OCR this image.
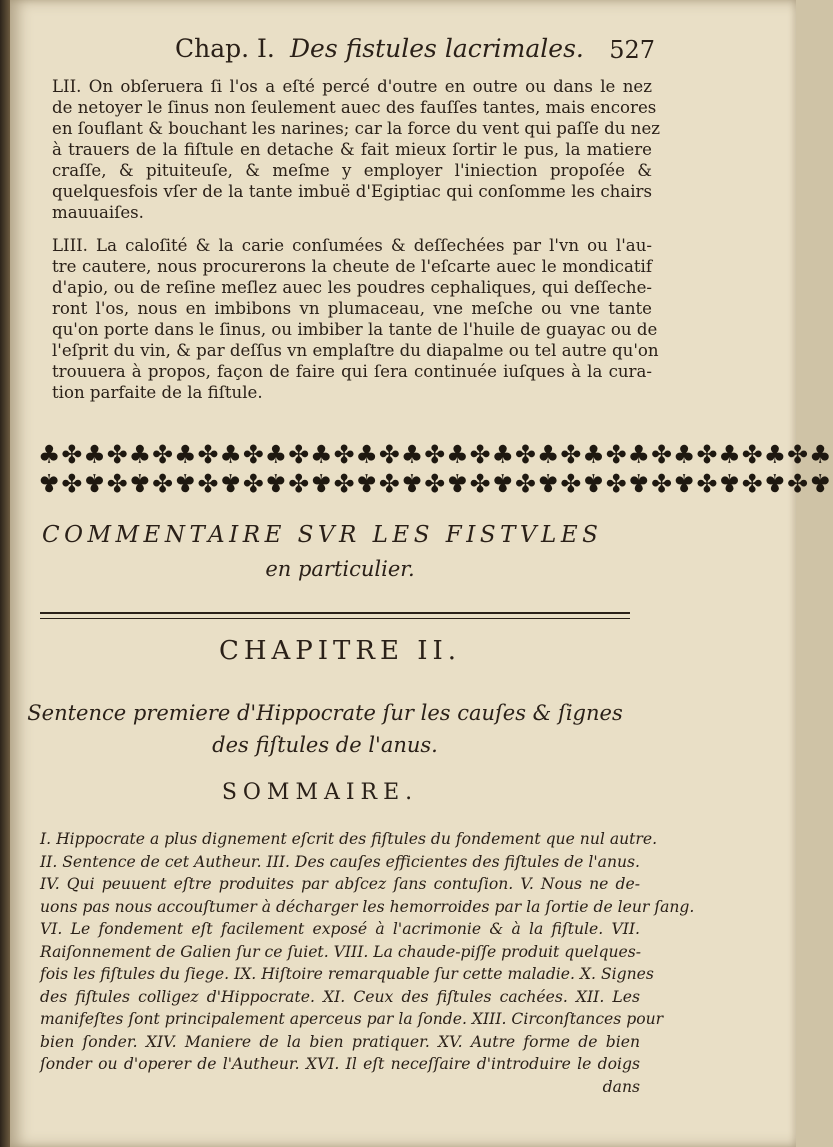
Chap. I. Des fistules lacrimales. 527
LII. On obſeruera ſi l'os a eſté percé d'outre en outre ou dans le nez
de netoyer le ſinus non ſeulement auec des fauſſes tantes, mais encores
en ſouflant & bouchant les narines; car la force du vent qui paſſe du nez
à trauers de la fiſtule en detache & fait mieux ſortir le pus, la matiere
craſſe, & pituiteuſe, & meſme y employer l'iniection propoſée &
quelquesfois vſer de la tante imbuë d'Egiptiac qui conſomme les chairs
mauuaiſes.
LIII. La caloſité & la carie conſumées & deſſechées par l'vn ou l'au-
tre cautere, nous procurerons la cheute de l'eſcarte auec le mondicatif
d'apio, ou de reſine meſlez auec les poudres cephaliques, qui deſſeche-
ront l'os, nous en imbibons vn plumaceau, vne meſche ou vne tante
qu'on porte dans le ſinus, ou imbiber la tante de l'huile de guayac ou de
l'eſprit du vin, & par deſſus vn emplaſtre du diapalme ou tel autre qu'on
trouuera à propos, façon de faire qui ſera continuée iuſques à la cura-
tion parfaite de la fiſtule.
♣✤♣✤♣✤♣✤♣✤♣✤♣✤♣✤♣✤♣✤♣✤♣✤♣✤♣✤♣✤♣✤♣✤♣
♣✤♣✤♣✤♣✤♣✤♣✤♣✤♣✤♣✤♣✤♣✤♣✤♣✤♣✤♣✤♣✤♣✤♣
COMMENTAIRE SVR LES FISTVLES
en particulier.
CHAPITRE II.
Sentence premiere d'Hippocrate ſur les cauſes & ſignes
des fiſtules de l'anus.
SOMMAIRE.
I. Hippocrate a plus dignement eſcrit des fiſtules du fondement que nul autre.
II. Sentence de cet Autheur. III. Des cauſes efficientes des fiſtules de l'anus.
IV. Qui peuuent eſtre produites par abſcez ſans contuſion. V. Nous ne de-
uons pas nous accouſtumer à décharger les hemorroides par la ſortie de leur ſang.
VI. Le fondement eſt facilement exposé à l'acrimonie & à la fiſtule. VII.
Raiſonnement de Galien ſur ce ſuiet. VIII. La chaude-piſſe produit quelques-
fois les fiſtules du ſiege. IX. Hiſtoire remarquable ſur cette maladie. X. Signes
des fiſtules colligez d'Hippocrate. XI. Ceux des fiſtules cachées. XII. Les
manifeſtes ſont principalement aperceus par la ſonde. XIII. Circonſtances pour
bien ſonder. XIV. Maniere de la bien pratiquer. XV. Autre forme de bien
ſonder ou d'operer de l'Autheur. XVI. Il eſt neceſſaire d'introduire le doigs
dans
